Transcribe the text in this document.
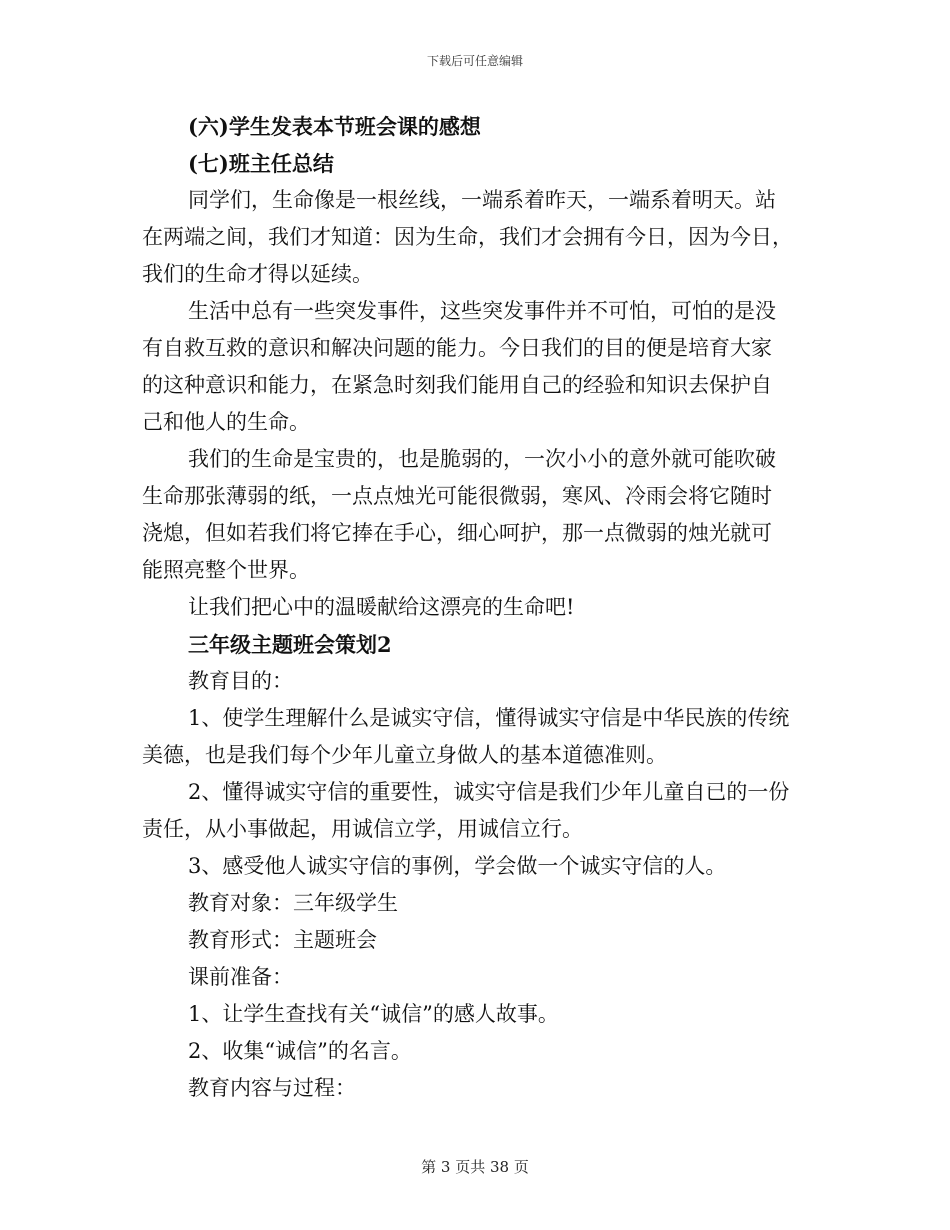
下载后可任意编辑

(六)学生发表本节班会课的感想

(七)班主任总结

同学们，生命像是一根丝线，一端系着昨天，一端系着明天。站

在两端之间，我们才知道：因为生命，我们才会拥有今日，因为今日，

我们的生命才得以延续。

生活中总有一些突发事件，这些突发事件并不可怕，可怕的是没

有自救互救的意识和解决问题的能力。今日我们的目的便是培育大家

的这种意识和能力，在紧急时刻我们能用自己的经验和知识去保护自

己和他人的生命。

我们的生命是宝贵的，也是脆弱的，一次小小的意外就可能吹破

生命那张薄弱的纸，一点点烛光可能很微弱，寒风、冷雨会将它随时

浇熄，但如若我们将它捧在手心，细心呵护，那一点微弱的烛光就可

能照亮整个世界。

让我们把心中的温暖献给这漂亮的生命吧!

三年级主题班会策划2

教育目的：

1、使学生理解什么是诚实守信，懂得诚实守信是中华民族的传统

美德，也是我们每个少年儿童立身做人的基本道德准则。

2、懂得诚实守信的重要性，诚实守信是我们少年儿童自已的一份

责任，从小事做起，用诚信立学，用诚信立行。

3、感受他人诚实守信的事例，学会做一个诚实守信的人。

教育对象：三年级学生

教育形式：主题班会

课前准备：

1、让学生查找有关“诚信”的感人故事。

2、收集“诚信”的名言。

教育内容与过程：

第 3 页共 38 页
